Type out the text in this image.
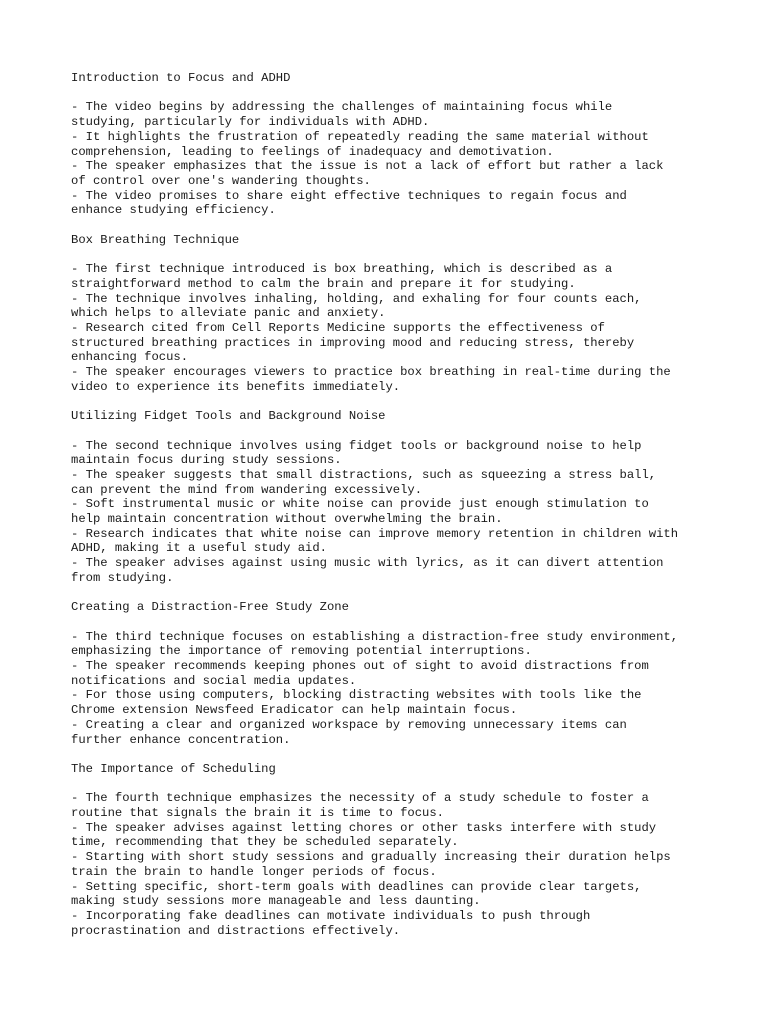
Introduction to Focus and ADHD
- The video begins by addressing the challenges of maintaining focus while
studying, particularly for individuals with ADHD.
- It highlights the frustration of repeatedly reading the same material without
comprehension, leading to feelings of inadequacy and demotivation.
- The speaker emphasizes that the issue is not a lack of effort but rather a lack
of control over one's wandering thoughts.
- The video promises to share eight effective techniques to regain focus and
enhance studying efficiency.
Box Breathing Technique
- The first technique introduced is box breathing, which is described as a
straightforward method to calm the brain and prepare it for studying.
- The technique involves inhaling, holding, and exhaling for four counts each,
which helps to alleviate panic and anxiety.
- Research cited from Cell Reports Medicine supports the effectiveness of
structured breathing practices in improving mood and reducing stress, thereby
enhancing focus.
- The speaker encourages viewers to practice box breathing in real-time during the
video to experience its benefits immediately.
Utilizing Fidget Tools and Background Noise
- The second technique involves using fidget tools or background noise to help
maintain focus during study sessions.
- The speaker suggests that small distractions, such as squeezing a stress ball,
can prevent the mind from wandering excessively.
- Soft instrumental music or white noise can provide just enough stimulation to
help maintain concentration without overwhelming the brain.
- Research indicates that white noise can improve memory retention in children with
ADHD, making it a useful study aid.
- The speaker advises against using music with lyrics, as it can divert attention
from studying.
Creating a Distraction-Free Study Zone
- The third technique focuses on establishing a distraction-free study environment,
emphasizing the importance of removing potential interruptions.
- The speaker recommends keeping phones out of sight to avoid distractions from
notifications and social media updates.
- For those using computers, blocking distracting websites with tools like the
Chrome extension Newsfeed Eradicator can help maintain focus.
- Creating a clear and organized workspace by removing unnecessary items can
further enhance concentration.
The Importance of Scheduling
- The fourth technique emphasizes the necessity of a study schedule to foster a
routine that signals the brain it is time to focus.
- The speaker advises against letting chores or other tasks interfere with study
time, recommending that they be scheduled separately.
- Starting with short study sessions and gradually increasing their duration helps
train the brain to handle longer periods of focus.
- Setting specific, short-term goals with deadlines can provide clear targets,
making study sessions more manageable and less daunting.
- Incorporating fake deadlines can motivate individuals to push through
procrastination and distractions effectively.
